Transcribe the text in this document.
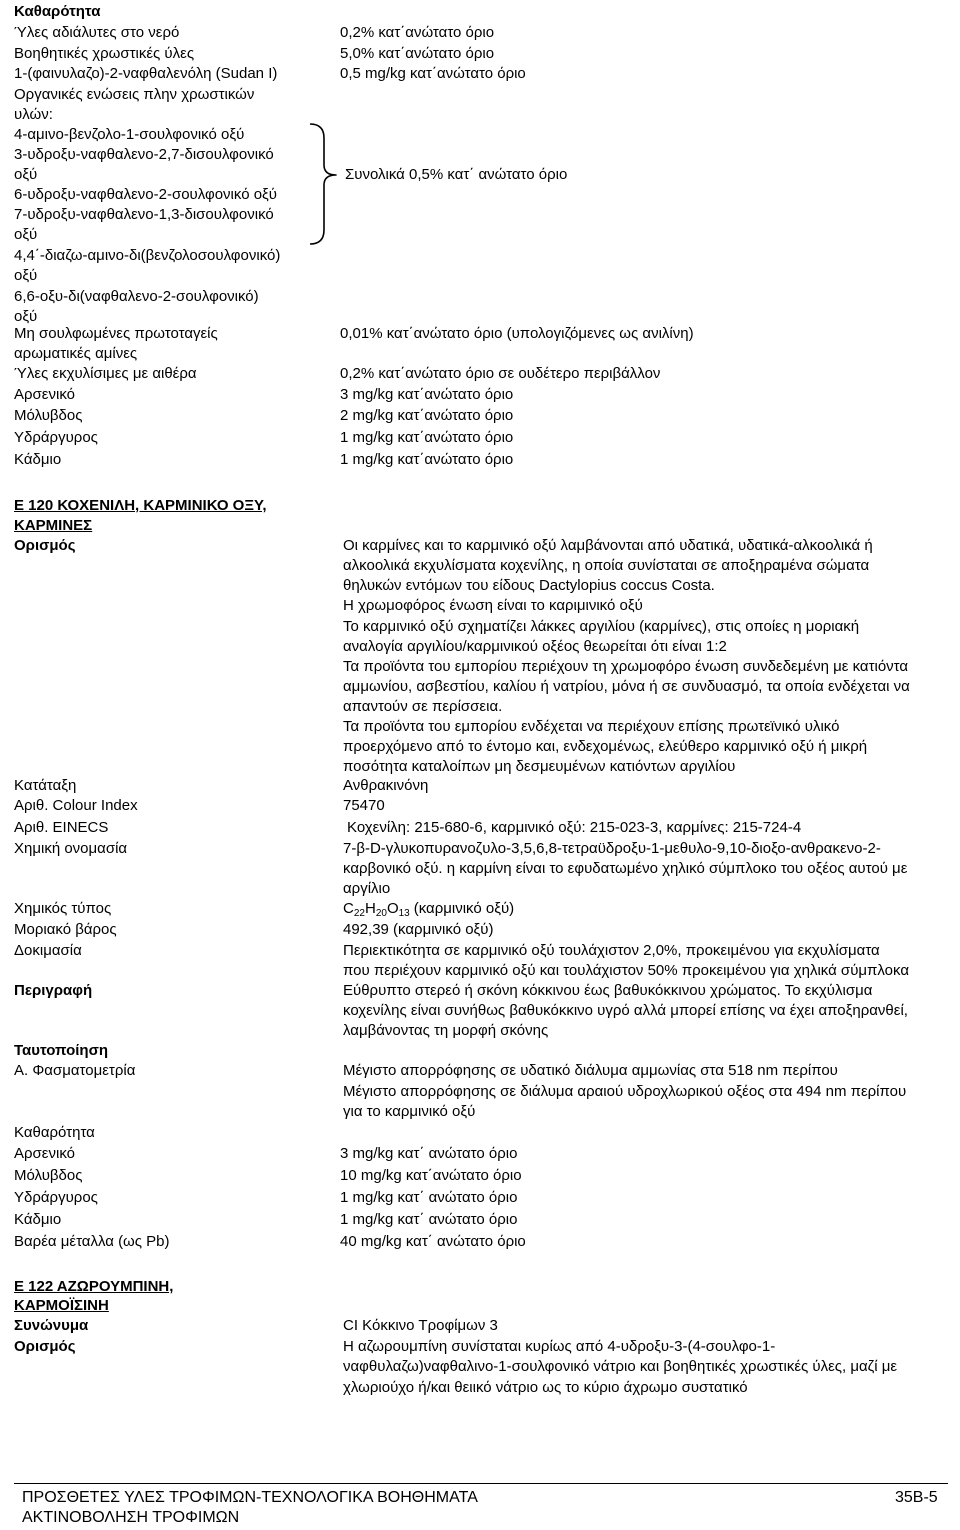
Καθαρότητα
Ύλες αδιάλυτες στο νερό	0,2% κατ΄ανώτατο όριο
Βοηθητικές χρωστικές ύλες	5,0% κατ΄ανώτατο όριο
1-(φαινυλαζο)-2-ναφθαλενόλη (Sudan I)	0,5 mg/kg κατ΄ανώτατο όριο
Οργανικές ενώσεις πλην χρωστικών
υλών:
4-αμινο-βενζολο-1-σουλφονικό οξύ
3-υδροξυ-ναφθαλενο-2,7-δισουλφονικό
οξύ
6-υδροξυ-ναφθαλενο-2-σουλφονικό οξύ
7-υδροξυ-ναφθαλενο-1,3-δισουλφονικό
οξύ
4,4΄-διαζω-αμινο-δι(βενζολοσουλφονικό)
οξύ
6,6-οξυ-δι(ναφθαλενο-2-σουλφονικό)
οξύ
Συνολικά 0,5% κατ΄ ανώτατο όριο
Μη σουλφωμένες πρωτοταγείς
αρωματικές αμίνες
0,01% κατ΄ανώτατο όριο (υπολογιζόμενες ως ανιλίνη)
Ύλες εκχυλίσιμες με αιθέρα	0,2% κατ΄ανώτατο όριο σε ουδέτερο περιβάλλον
Αρσενικό	3 mg/kg κατ΄ανώτατο όριο
Μόλυβδος	2 mg/kg κατ΄ανώτατο όριο
Υδράργυρος	1 mg/kg κατ΄ανώτατο όριο
Κάδμιο	1 mg/kg κατ΄ανώτατο όριο
Ε 120 ΚΟΧΕΝΙΛΗ, ΚΑΡΜΙΝΙΚΟ ΟΞΥ,
ΚΑΡΜΙΝΕΣ
Ορισμός	Οι καρμίνες και το καρμινικό οξύ λαμβάνονται από υδατικά, υδατικά-αλκοολικά ή
αλκοολικά εκχυλίσματα κοχενίλης, η οποία συνίσταται σε αποξηραμένα σώματα
θηλυκών εντόμων του είδους Dactylopius coccus Costa.
Η χρωμοφόρος ένωση είναι το καριμινικό οξύ
Το καρμινικό οξύ σχηματίζει λάκκες αργιλίου (καρμίνες), στις οποίες η μοριακή
αναλογία αργιλίου/καρμινικού οξέος θεωρείται ότι είναι 1:2
Τα προϊόντα του εμπορίου περιέχουν τη χρωμοφόρο ένωση συνδεδεμένη με κατιόντα
αμμωνίου, ασβεστίου, καλίου ή νατρίου, μόνα ή σε συνδυασμό, τα οποία ενδέχεται να
απαντούν σε περίσσεια.
Τα προϊόντα του εμπορίου ενδέχεται να περιέχουν επίσης πρωτεϊνικό υλικό
προερχόμενο από το έντομο και, ενδεχομένως, ελεύθερο καρμινικό οξύ ή μικρή
ποσότητα καταλοίπων μη δεσμευμένων κατιόντων αργιλίου
Κατάταξη	Ανθρακινόνη
Αριθ. Colour Index	75470
Αριθ. EINECS	Κοχενίλη: 215-680-6, καρμινικό οξύ: 215-023-3, καρμίνες: 215-724-4
Χημική ονομασία	7-β-D-γλυκοπυρανοζυλο-3,5,6,8-τετραϋδροξυ-1-μεθυλο-9,10-διοξο-ανθρακενο-2-
καρβονικό οξύ. η καρμίνη είναι το εφυδατωμένο χηλικό σύμπλοκο του οξέος αυτού με
αργίλιο
Χημικός τύπος	$C_{22}H_{20}O_{13}$ (καρμινικό οξύ)
Μοριακό βάρος	492,39 (καρμινικό οξύ)
Δοκιμασία	Περιεκτικότητα σε καρμινικό οξύ τουλάχιστον 2,0%, προκειμένου για εκχυλίσματα
που περιέχουν καρμινικό οξύ και τουλάχιστον 50% προκειμένου για χηλικά σύμπλοκα
Περιγραφή	Εύθρυπτο στερεό ή σκόνη κόκκινου έως βαθυκόκκινου χρώματος. Το εκχύλισμα
κοχενίλης είναι συνήθως βαθυκόκκινο υγρό αλλά μπορεί επίσης να έχει αποξηρανθεί,
λαμβάνοντας τη μορφή σκόνης
Ταυτοποίηση
Α. Φασματομετρία	Μέγιστο απορρόφησης σε υδατικό διάλυμα αμμωνίας στα 518 nm περίπου
Μέγιστο απορρόφησης σε διάλυμα αραιού υδροχλωρικού οξέος στα 494 nm περίπου
για το καρμινικό οξύ
Καθαρότητα
Αρσενικό	3 mg/kg κατ΄ ανώτατο όριο
Μόλυβδος	10 mg/kg κατ΄ανώτατο όριο
Υδράργυρος	1 mg/kg κατ΄ ανώτατο όριο
Κάδμιο	1 mg/kg κατ΄ ανώτατο όριο
Βαρέα μέταλλα (ως Pb)	40 mg/kg κατ΄ ανώτατο όριο
Ε 122 ΑΖΩΡΟΥΜΠΙΝΗ,
ΚΑΡΜΟΪΣΙΝΗ
Συνώνυμα	CI Κόκκινο Τροφίμων 3
Ορισμός	Η αζωρουμπίνη συνίσταται κυρίως από 4-υδροξυ-3-(4-σουλφο-1-
ναφθυλαζω)ναφθαλινο-1-σουλφονικό νάτριο και βοηθητικές χρωστικές ύλες, μαζί με
χλωριούχο ή/και θειικό νάτριο ως το κύριο άχρωμο συστατικό
ΠΡΟΣΘΕΤΕΣ ΥΛΕΣ ΤΡΟΦΙΜΩΝ-ΤΕΧΝΟΛΟΓΙΚΑ ΒΟΗΘΗΜΑΤΑ
ΑΚΤΙΝΟΒΟΛΗΣΗ ΤΡΟΦΙΜΩΝ
35Β-5
